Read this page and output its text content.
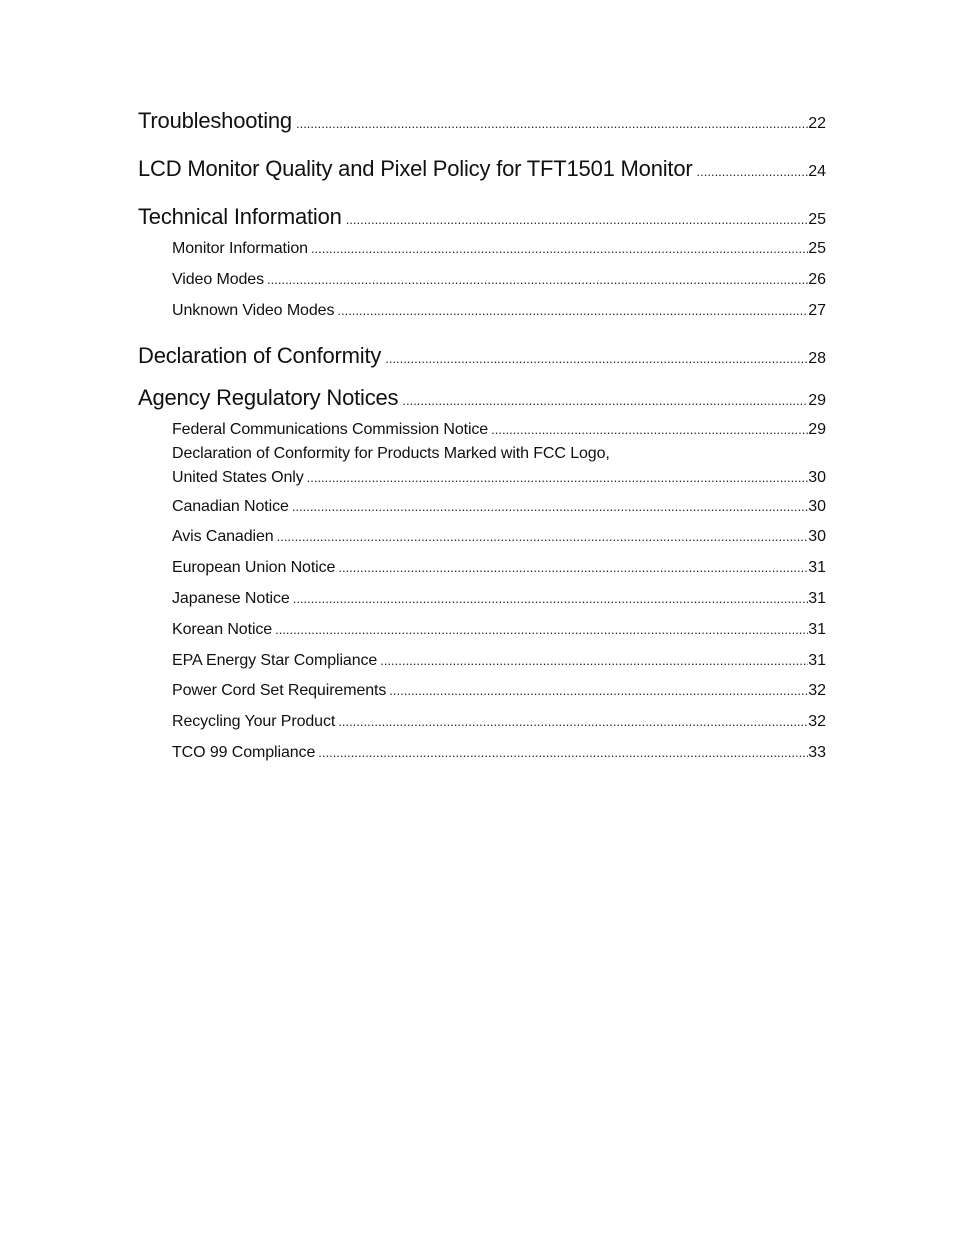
Troubleshooting .....	22
LCD Monitor Quality and Pixel Policy for TFT1501 Monitor .....	24
Technical Information .....	25
Monitor Information .....	25
Video Modes .....	26
Unknown Video Modes .....	27
Declaration of Conformity .....	28
Agency Regulatory Notices .....	29
Federal Communications Commission Notice .....	29
Declaration of Conformity for Products Marked with FCC Logo,
United States Only .....	30
Canadian Notice .....	30
Avis Canadien .....	30
European Union Notice .....	31
Japanese Notice .....	31
Korean Notice .....	31
EPA Energy Star Compliance .....	31
Power Cord Set Requirements .....	32
Recycling Your Product .....	32
TCO 99 Compliance .....	33
